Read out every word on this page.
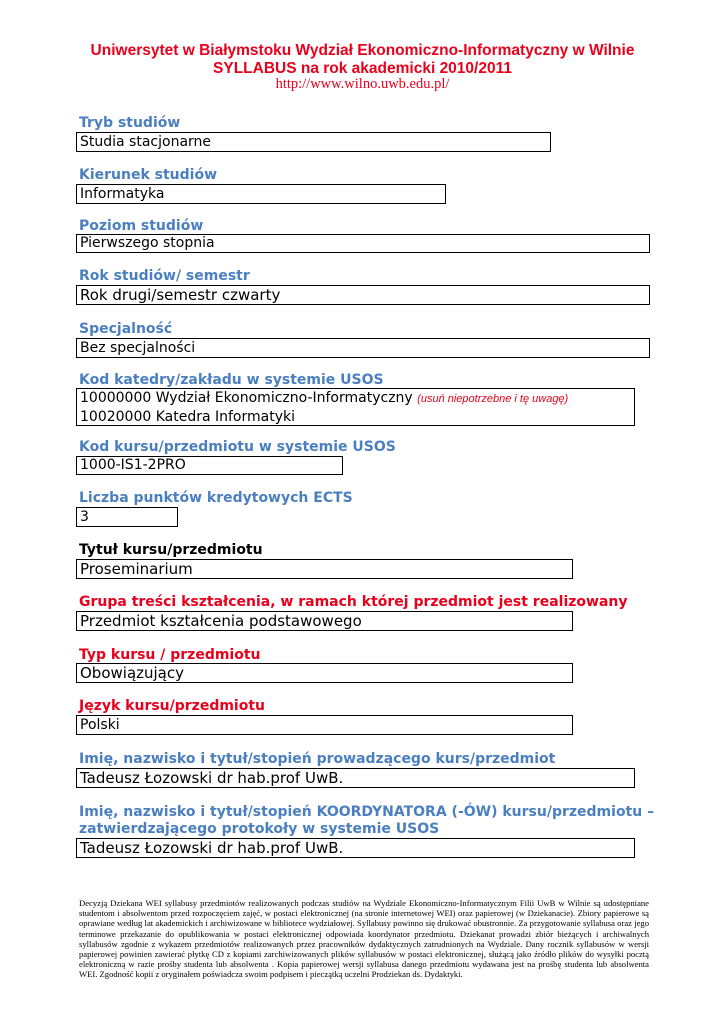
Uniwersytet w Białymstoku Wydział Ekonomiczno-Informatyczny w Wilnie
SYLLABUS na rok akademicki 2010/2011
http://www.wilno.uwb.edu.pl/
Tryb studiów
Studia stacjonarne
Kierunek studiów
Informatyka
Poziom studiów
Pierwszego stopnia
Rok studiów/ semestr
Rok drugi/semestr czwarty
Specjalność
Bez specjalności
Kod katedry/zakładu w systemie USOS
10000000 Wydział Ekonomiczno-Informatyczny (usuń niepotrzebne i tę uwagę)
10020000 Katedra Informatyki
Kod kursu/przedmiotu w systemie USOS
1000-IS1-2PRO
Liczba punktów kredytowych ECTS
3
Tytuł kursu/przedmiotu
Proseminarium
Grupa treści kształcenia, w ramach której przedmiot jest realizowany
Przedmiot kształcenia podstawowego
Typ kursu / przedmiotu
Obowiązujący
Język kursu/przedmiotu
Polski
Imię, nazwisko i tytuł/stopień prowadzącego kurs/przedmiot
Tadeusz Łozowski dr hab.prof UwB.
Imię, nazwisko i tytuł/stopień KOORDYNATORA (-ÓW) kursu/przedmiotu –
zatwierdzającego protokoły w systemie USOS
Tadeusz Łozowski dr hab.prof UwB.
Decyzją Dziekana WEI syllabusy przedmiotów realizowanych podczas studiów na Wydziale Ekonomiczno-Informatycznym Filii UwB w Wilnie są udostępniane studentom i absolwentom przed rozpoczęciem zajęć, w postaci elektronicznej (na stronie internetowej WEI) oraz papierowej (w Dziekanacie). Zbiory papierowe są oprawiane według lat akademickich i archiwizowane w bibliotece wydziałowej. Syllabusy powinno się drukować obustronnie. Za przygotowanie syllabusa oraz jego terminowe przekazanie do opublikowania w postaci elektronicznej odpowiada koordynator przedmiotu. Dziekanat prowadzi zbiór bieżących i archiwalnych syllabusów zgodnie z wykazem przedmiotów realizowanych przez pracowników dydaktycznych zatrudnionych na Wydziale. Dany rocznik syllabusów w wersji papierowej powinien zawierać płytkę CD z kopiami zarchiwizowanych plików syllabusów w postaci elektronicznej, służącą jako źródło plików do wysyłki pocztą elektroniczną w razie prośby studenta lub absolwenta . Kopia papierowej wersji syllabusa danego przedmiotu wydawana jest na prośbę studenta lub absolwenta WEI. Zgodność kopii z oryginałem poświadcza swoim podpisem i pieczątką uczelni Prodziekan ds. Dydaktyki.
